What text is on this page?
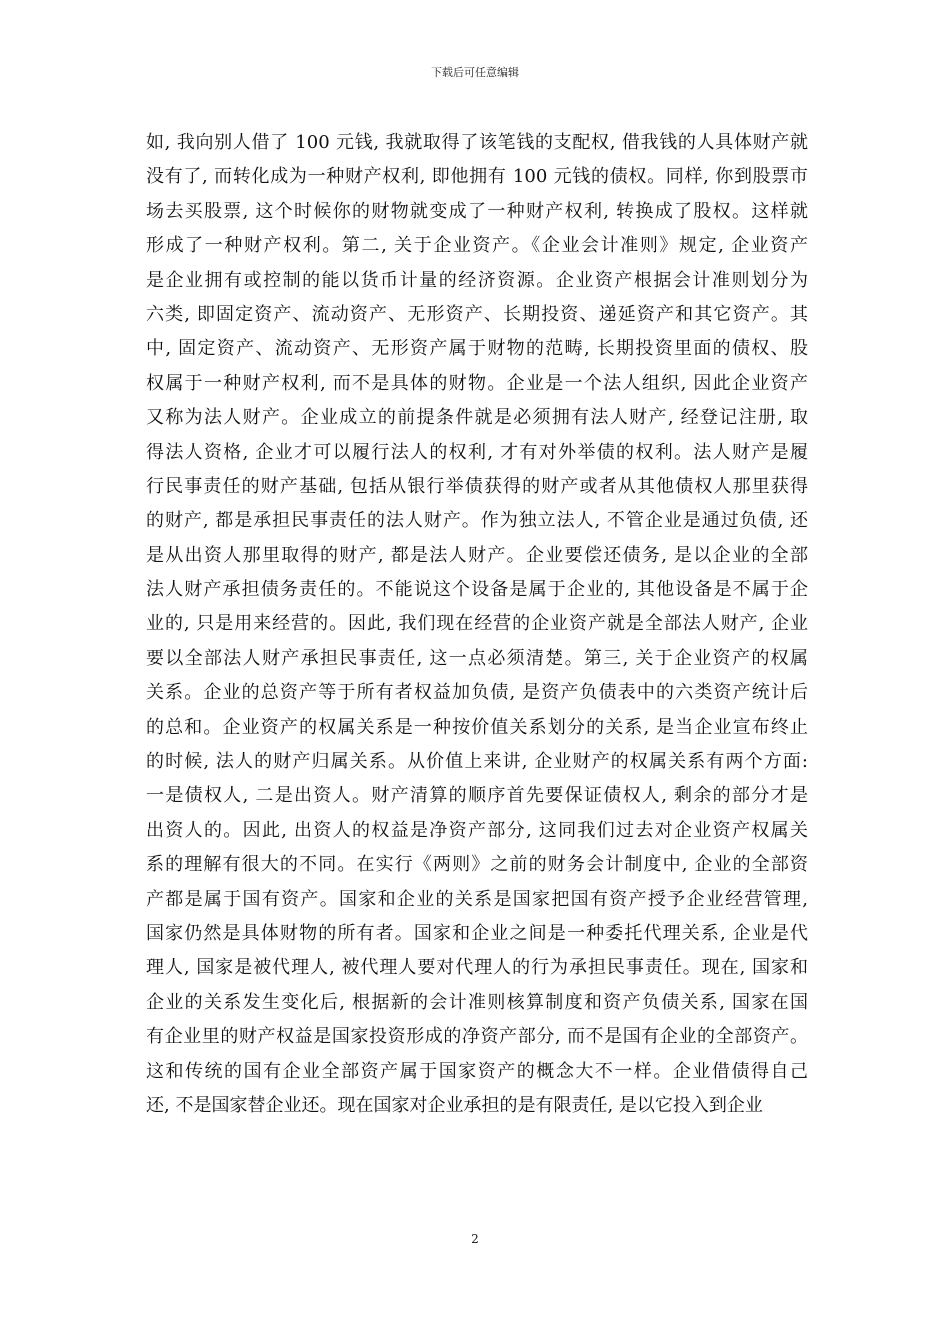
下载后可任意编辑
如, 我向别人借了 100 元钱, 我就取得了该笔钱的支配权, 借我钱的人具体财产就
没有了, 而转化成为一种财产权利, 即他拥有 100 元钱的债权。同样, 你到股票市
场去买股票, 这个时候你的财物就变成了一种财产权利, 转换成了股权。这样就
形成了一种财产权利。第二, 关于企业资产。《企业会计准则》规定, 企业资产
是企业拥有或控制的能以货币计量的经济资源。企业资产根据会计准则划分为
六类, 即固定资产、流动资产、无形资产、长期投资、递延资产和其它资产。其
中, 固定资产、流动资产、无形资产属于财物的范畴, 长期投资里面的债权、股
权属于一种财产权利, 而不是具体的财物。企业是一个法人组织, 因此企业资产
又称为法人财产。企业成立的前提条件就是必须拥有法人财产, 经登记注册, 取
得法人资格, 企业才可以履行法人的权利, 才有对外举债的权利。法人财产是履
行民事责任的财产基础, 包括从银行举债获得的财产或者从其他债权人那里获得
的财产, 都是承担民事责任的法人财产。作为独立法人, 不管企业是通过负债, 还
是从出资人那里取得的财产, 都是法人财产。企业要偿还债务, 是以企业的全部
法人财产承担债务责任的。不能说这个设备是属于企业的, 其他设备是不属于企
业的, 只是用来经营的。因此, 我们现在经营的企业资产就是全部法人财产, 企业
要以全部法人财产承担民事责任, 这一点必须清楚。第三, 关于企业资产的权属
关系。企业的总资产等于所有者权益加负债, 是资产负债表中的六类资产统计后
的总和。企业资产的权属关系是一种按价值关系划分的关系, 是当企业宣布终止
的时候, 法人的财产归属关系。从价值上来讲, 企业财产的权属关系有两个方面:
一是债权人, 二是出资人。财产清算的顺序首先要保证债权人, 剩余的部分才是
出资人的。因此, 出资人的权益是净资产部分, 这同我们过去对企业资产权属关
系的理解有很大的不同。在实行《两则》之前的财务会计制度中, 企业的全部资
产都是属于国有资产。国家和企业的关系是国家把国有资产授予企业经营管理,
国家仍然是具体财物的所有者。国家和企业之间是一种委托代理关系, 企业是代
理人, 国家是被代理人, 被代理人要对代理人的行为承担民事责任。现在, 国家和
企业的关系发生变化后, 根据新的会计准则核算制度和资产负债关系, 国家在国
有企业里的财产权益是国家投资形成的净资产部分, 而不是国有企业的全部资产。
这和传统的国有企业全部资产属于国家资产的概念大不一样。企业借债得自己
还, 不是国家替企业还。现在国家对企业承担的是有限责任, 是以它投入到企业
2
